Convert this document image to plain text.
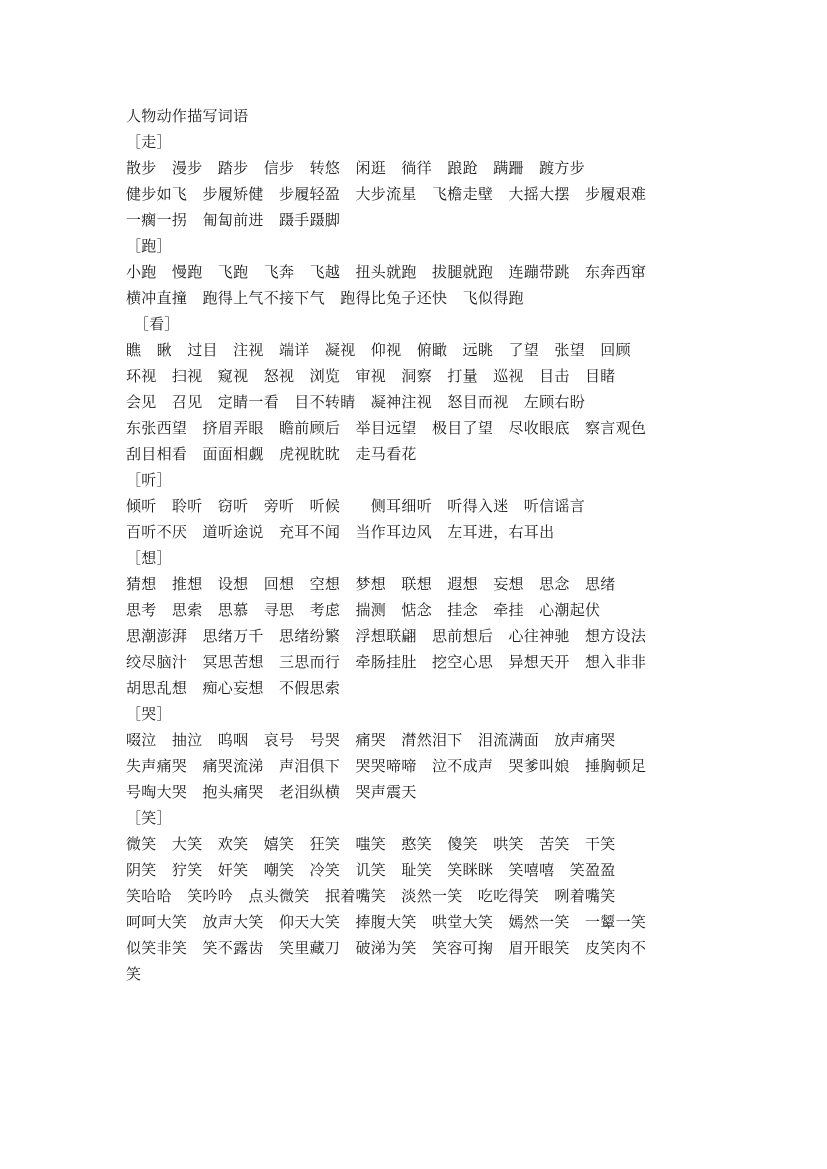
人物动作描写词语
［走］
散步　漫步　踏步　信步　转悠　闲逛　徜徉　踉跄　蹒跚　踱方步
健步如飞　步履矫健　步履轻盈　大步流星　飞檐走壁　大摇大摆　步履艰难
一瘸一拐　匍匐前进　蹑手蹑脚
［跑］
小跑　慢跑　飞跑　飞奔　飞越　扭头就跑　拔腿就跑　连蹦带跳　东奔西窜
横冲直撞　跑得上气不接下气　跑得比兔子还快　飞似得跑
　［看］
瞧　瞅　过目　注视　端详　凝视　仰视　俯瞰　远眺　了望　张望　回顾
环视　扫视　窥视　怒视　浏览　审视　洞察　打量　巡视　目击　目睹
会见　召见　定睛一看　目不转睛　凝神注视　怒目而视　左顾右盼
东张西望　挤眉弄眼　瞻前顾后　举目远望　极目了望　尽收眼底　察言观色
刮目相看　面面相觑　虎视眈眈　走马看花
［听］
倾听　聆听　窃听　旁听　听候　　侧耳细听　听得入迷　听信谣言
百听不厌　道听途说　充耳不闻　当作耳边风　左耳进，右耳出
［想］
猜想　推想　设想　回想　空想　梦想　联想　遐想　妄想　思念　思绪
思考　思索　思慕　寻思　考虑　揣测　惦念　挂念　牵挂　心潮起伏
思潮澎湃　思绪万千　思绪纷繁　浮想联翩　思前想后　心往神驰　想方设法
绞尽脑汁　冥思苦想　三思而行　牵肠挂肚　挖空心思　异想天开　想入非非
胡思乱想　痴心妄想　不假思索
［哭］
啜泣　抽泣　呜咽　哀号　号哭　痛哭　潸然泪下　泪流满面　放声痛哭
失声痛哭　痛哭流涕　声泪俱下　哭哭啼啼　泣不成声　哭爹叫娘　捶胸顿足
号啕大哭　抱头痛哭　老泪纵横　哭声震天
［笑］
微笑　大笑　欢笑　嬉笑　狂笑　嗤笑　憨笑　傻笑　哄笑　苦笑　干笑
阴笑　狞笑　奸笑　嘲笑　冷笑　讥笑　耻笑　笑眯眯　笑嘻嘻　笑盈盈
笑哈哈　笑吟吟　点头微笑　抿着嘴笑　淡然一笑　吃吃得笑　咧着嘴笑
呵呵大笑　放声大笑　仰天大笑　捧腹大笑　哄堂大笑　嫣然一笑　一颦一笑
似笑非笑　笑不露齿　笑里藏刀　破涕为笑　笑容可掬　眉开眼笑　皮笑肉不
笑
